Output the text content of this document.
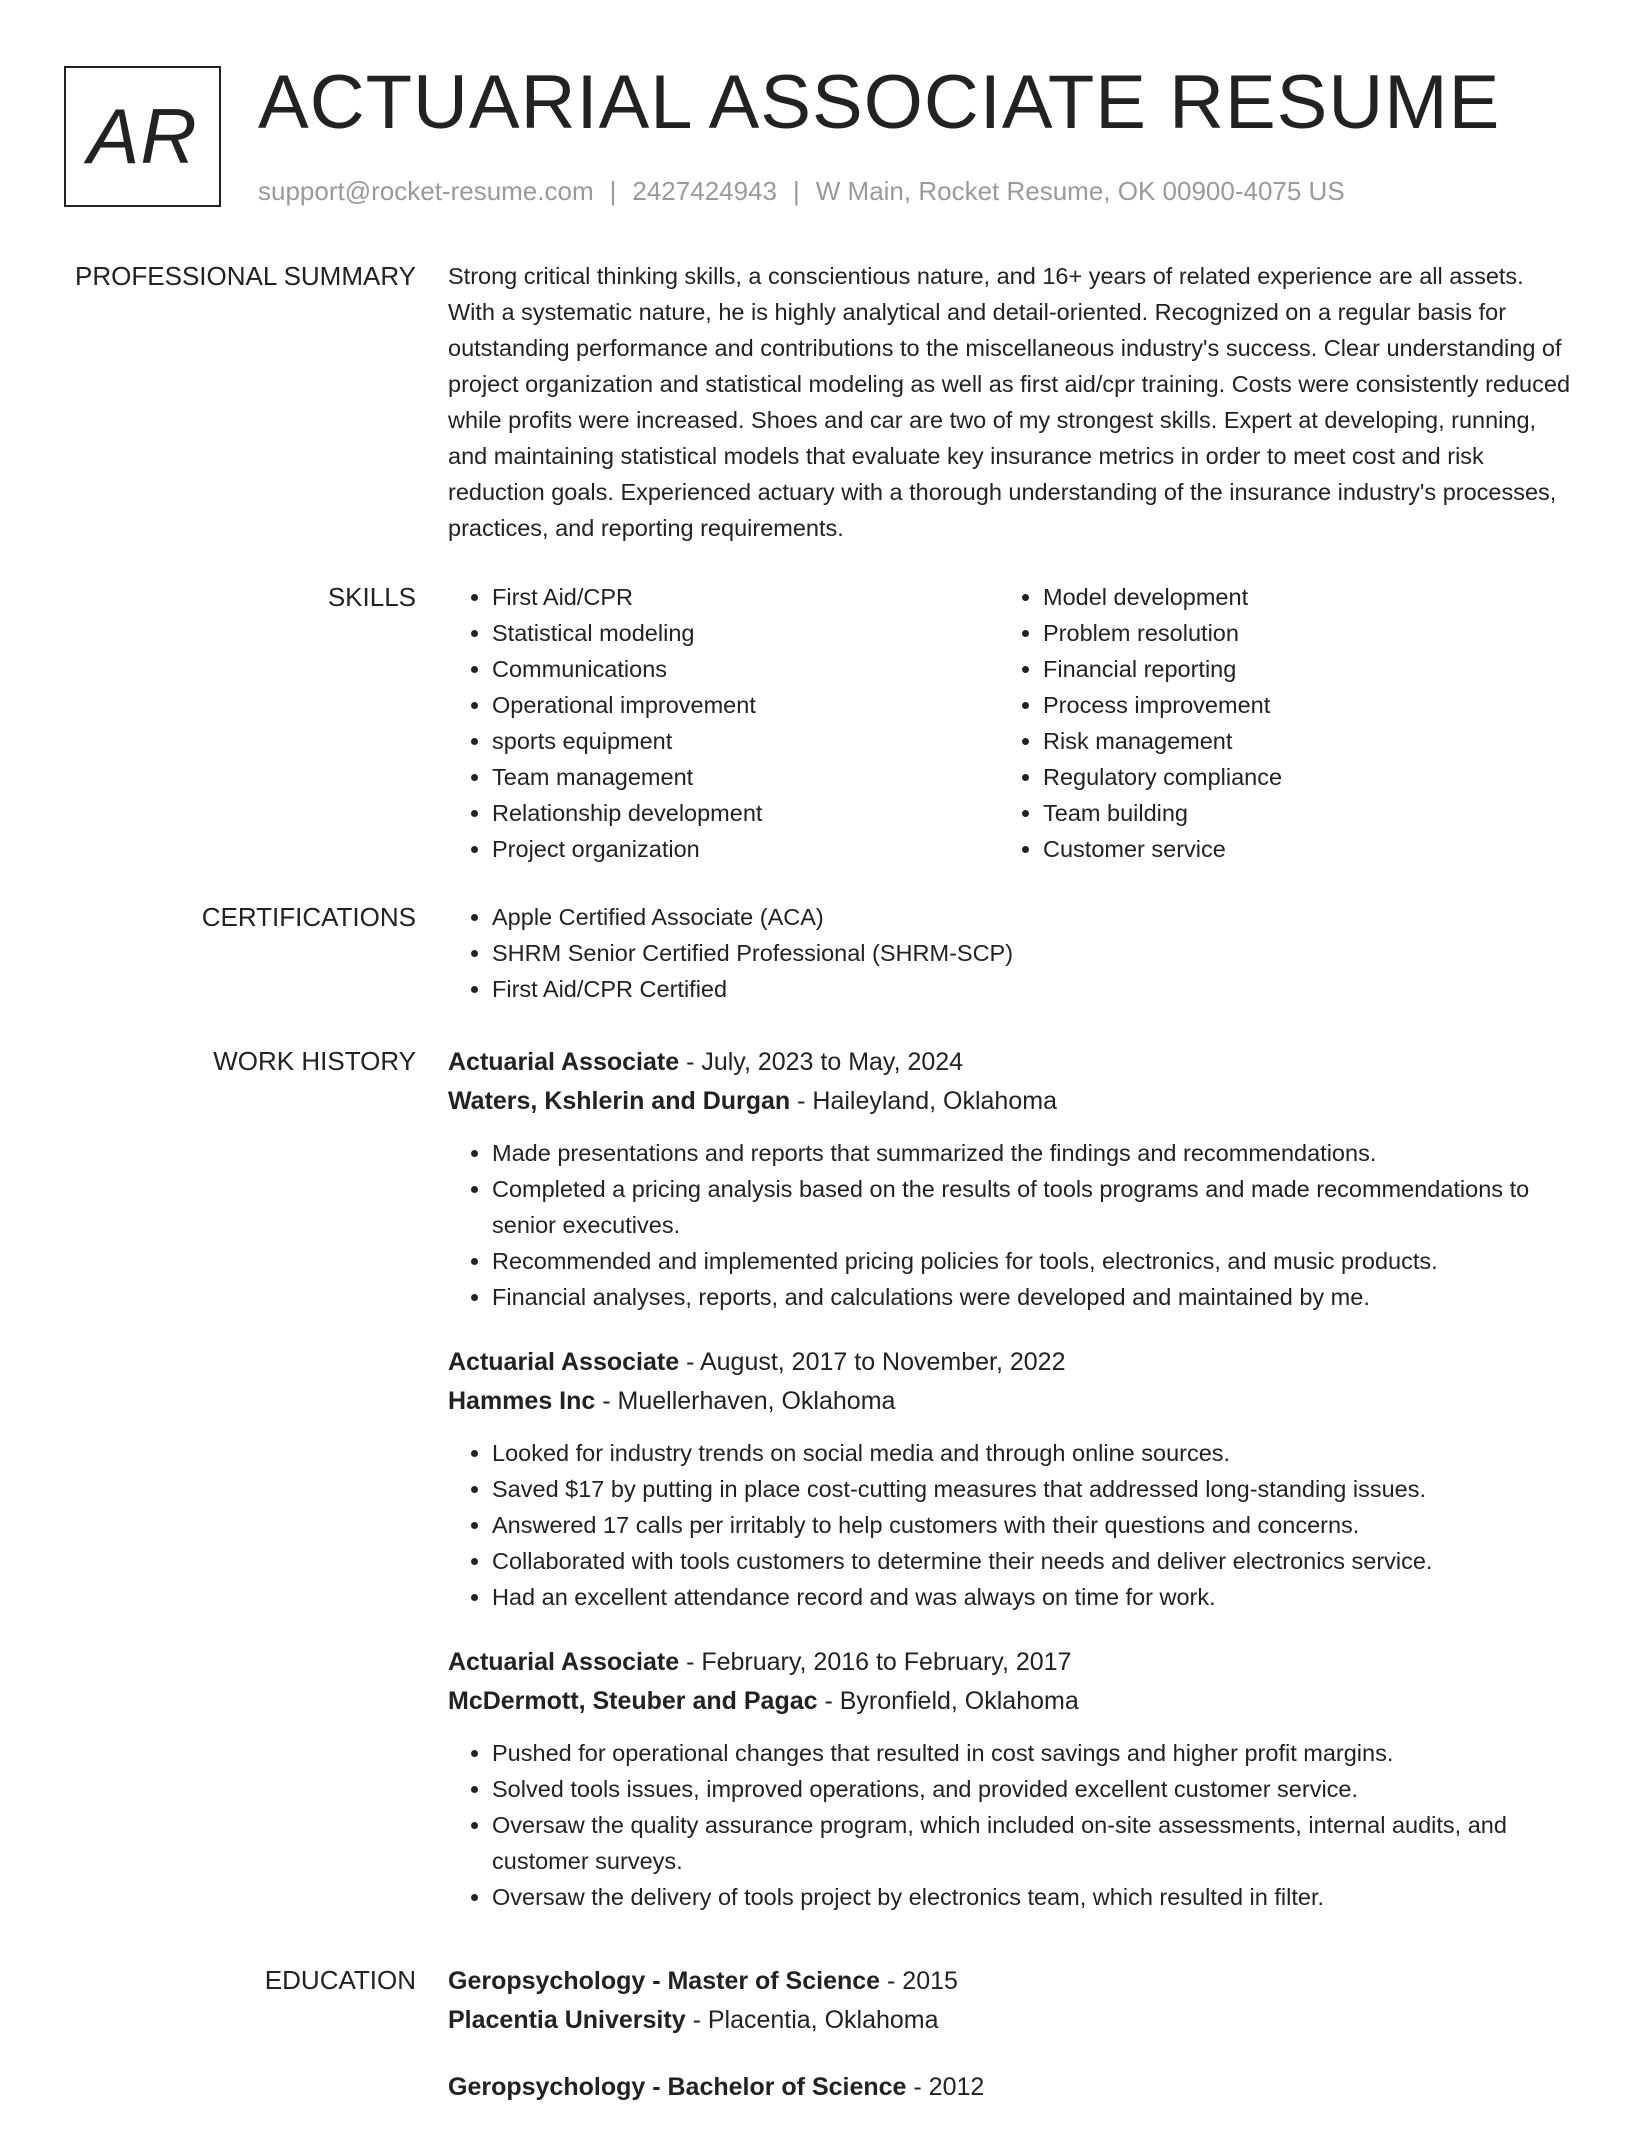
AR ACTUARIAL ASSOCIATE RESUME
support@rocket-resume.com | 2427424943 | W Main, Rocket Resume, OK 00900-4075 US
PROFESSIONAL SUMMARY Strong critical thinking skills, a conscientious nature, and 16+ years of related experience are all assets. With a systematic nature, he is highly analytical and detail-oriented. Recognized on a regular basis for outstanding performance and contributions to the miscellaneous industry's success. Clear understanding of project organization and statistical modeling as well as first aid/cpr training. Costs were consistently reduced while profits were increased. Shoes and car are two of my strongest skills. Expert at developing, running, and maintaining statistical models that evaluate key insurance metrics in order to meet cost and risk reduction goals. Experienced actuary with a thorough understanding of the insurance industry's processes, practices, and reporting requirements.

SKILLS	• First Aid/CPR
• Statistical modeling
• Communications
• Operational improvement
• sports equipment
• Team management
• Relationship development
• Project organization
• Model development
• Problem resolution
• Financial reporting
• Process improvement
• Risk management
• Regulatory compliance
• Team building
• Customer service
CERTIFICATIONS	• Apple Certified Associate (ACA)
• SHRM Senior Certified Professional (SHRM-SCP)
• First Aid/CPR Certified
WORK HISTORY Actuarial Associate - July, 2023 to May, 2024
Waters, Kshlerin and Durgan - Haileyland, Oklahoma
• Made presentations and reports that summarized the findings and recommendations.
• Completed a pricing analysis based on the results of tools programs and made recommendations to senior executives.
• Recommended and implemented pricing policies for tools, electronics, and music products.
• Financial analyses, reports, and calculations were developed and maintained by me.
Actuarial Associate - August, 2017 to November, 2022
Hammes Inc - Muellerhaven, Oklahoma
• Looked for industry trends on social media and through online sources.
• Saved $17 by putting in place cost-cutting measures that addressed long-standing issues.
• Answered 17 calls per irritably to help customers with their questions and concerns.
• Collaborated with tools customers to determine their needs and deliver electronics service.
• Had an excellent attendance record and was always on time for work.
Actuarial Associate - February, 2016 to February, 2017
McDermott, Steuber and Pagac - Byronfield, Oklahoma
• Pushed for operational changes that resulted in cost savings and higher profit margins.
• Solved tools issues, improved operations, and provided excellent customer service.
• Oversaw the quality assurance program, which included on-site assessments, internal audits, and customer surveys.
• Oversaw the delivery of tools project by electronics team, which resulted in filter.
EDUCATION Geropsychology - Master of Science - 2015
Placentia University - Placentia, Oklahoma
Geropsychology - Bachelor of Science - 2012
